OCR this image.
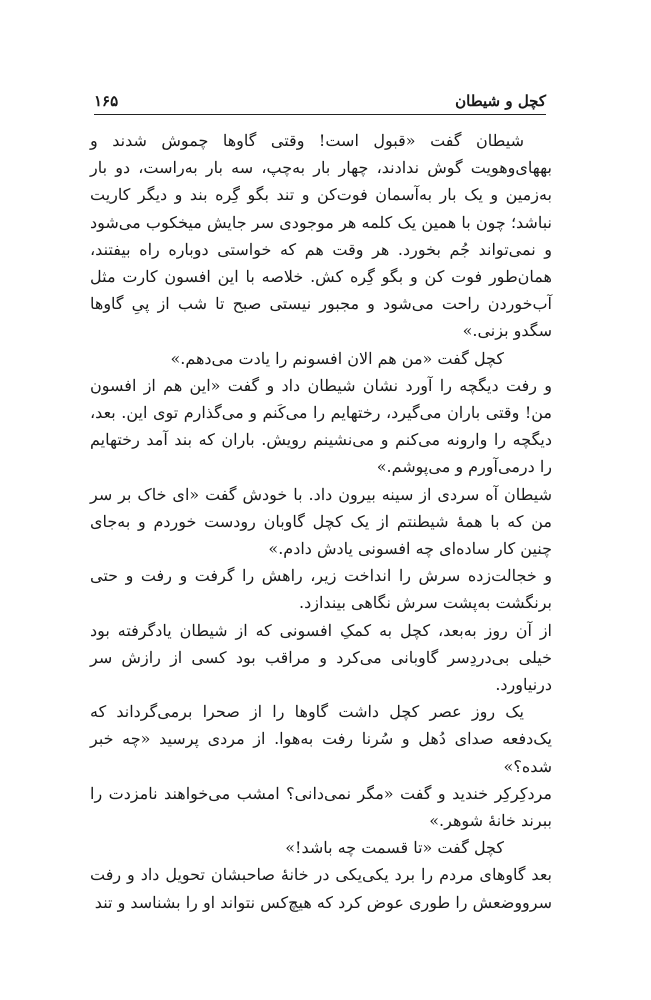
کچل و شیطان
۱۶۵

شیطان گفت «قبول است! وقتی گاوها چموش شدند و بههای‌وهویت گوش ندادند، چهار بار به‌چپ، سه بار به‌راست، دو بار به‌زمین و یک بار به‌آسمان فوت‌کن و تند بگو گِره بند و دیگر کاریت نباشد؛ چون با همین یک کلمه هر موجودی سر جایش میخکوب می‌شود و نمی‌تواند جُم بخورد. هر وقت هم که خواستی دوباره راه بیفتند، همان‌طور فوت کن و بگو گِره کش. خلاصه با این افسون کارت مثل آب‌خوردن راحت می‌شود و مجبور نیستی صبح تا شب از پیِ گاوها سگدو بزنی.»

کچل گفت «من هم الان افسونم را یادت می‌دهم.»

و رفت دیگچه را آورد نشان شیطان داد و گفت «این هم از افسون من! وقتی باران می‌گیرد، رختهایم را می‌کَنم و می‌گذارم توی این. بعد، دیگچه را وارونه می‌کنم و می‌نشینم رویش. باران که بند آمد رختهایم را درمی‌آورم و می‌پوشم.»

شیطان آه سردی از سینه بیرون داد. با خودش گفت «ای خاک بر سر من که با همهٔ شیطنتم از یک کچل گاوبان رودست خوردم و به‌جای چنین کار ساده‌ای چه افسونی یادش دادم.»

و خجالت‌زده سرش را انداخت زیر، راهش را گرفت و رفت و حتی برنگشت به‌پشت سرش نگاهی بیندازد.

از آن روز به‌بعد، کچل به کمکِ افسونی که از شیطان یادگرفته بود خیلی بی‌دردِسر گاوبانی می‌کرد و مراقب بود کسی از رازش سر درنیاورد.

یک روز عصر کچل داشت گاوها را از صحرا برمی‌گرداند که یک‌دفعه صدای دُهل و سُرنا رفت به‌هوا. از مردی پرسید «چه خبر شده؟»

مردکِرکِر خندید و گفت «مگر نمی‌دانی؟ امشب می‌خواهند نامزدت را ببرند خانهٔ شوهر.»

کچل گفت «تا قسمت چه باشد!»

بعد گاوهای مردم را برد یکی‌یکی در خانهٔ صاحبشان تحویل داد و رفت سرووضعش را طوری عوض کرد که هیچ‌کس نتواند او را بشناسد و تند
